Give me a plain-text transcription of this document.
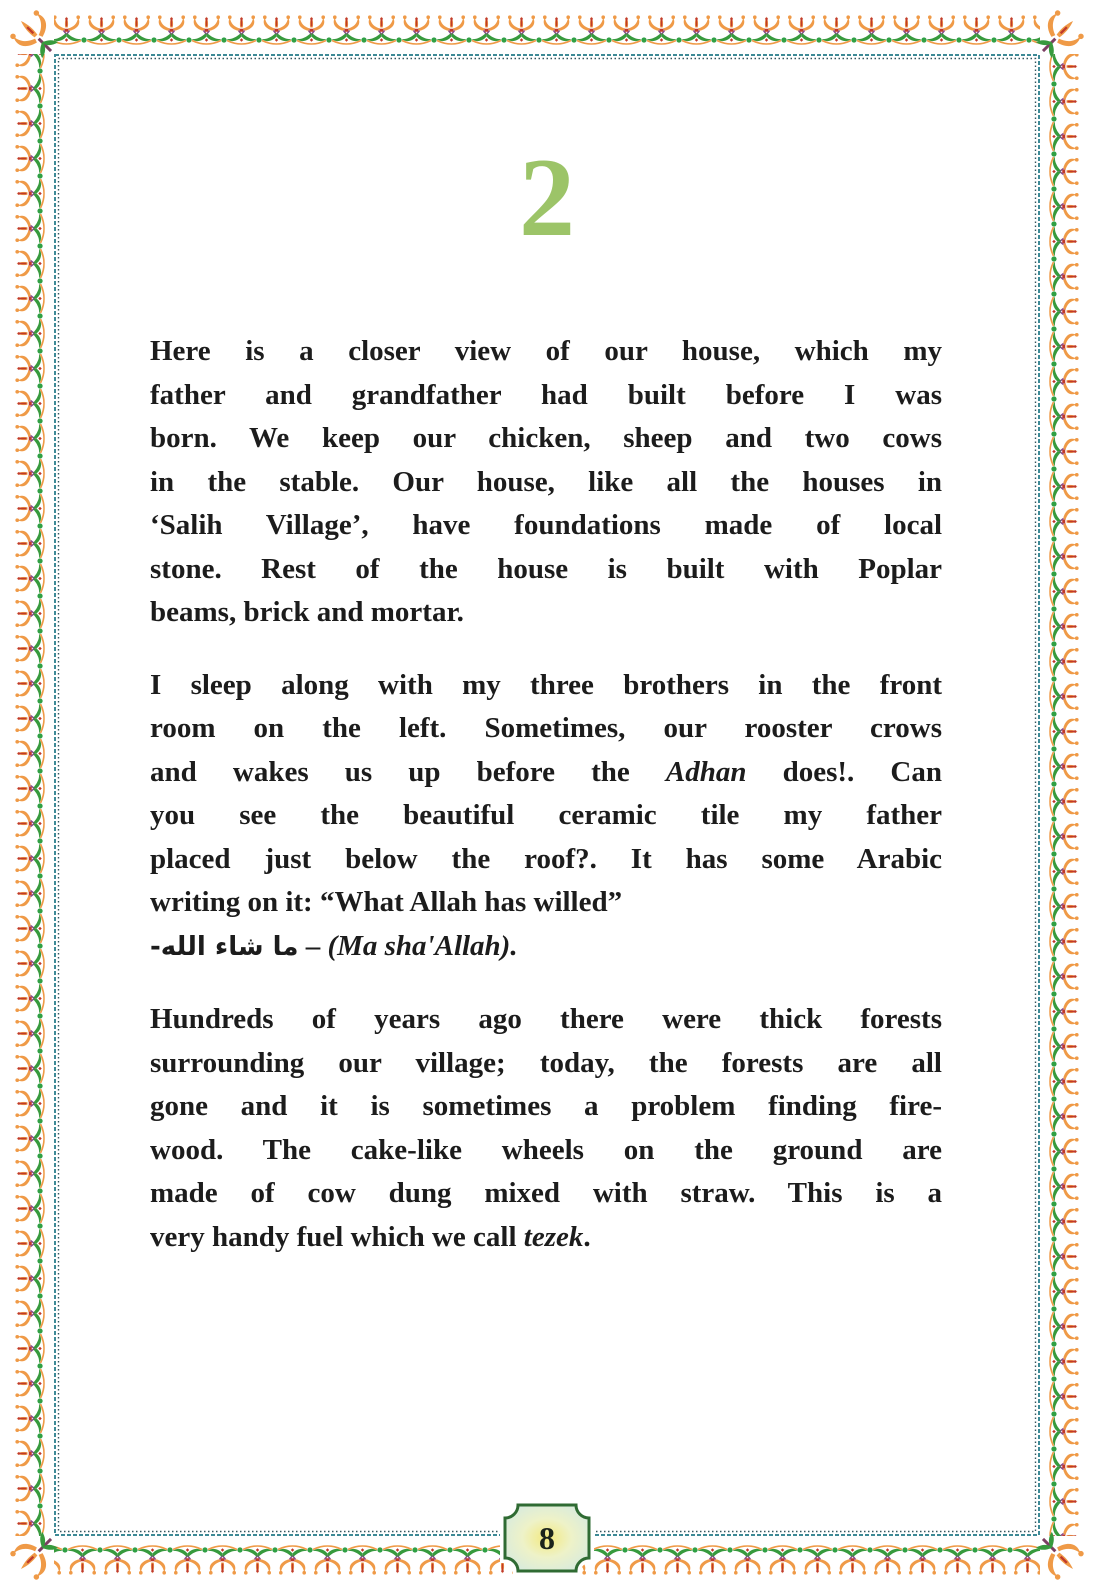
8
2
Here is a closer view of our house, which my
father and grandfather had built before I was
born. We keep our chicken, sheep and two cows
in the stable. Our house, like all the houses in
‘Salih Village’, have foundations made of local
stone. Rest of the house is built with Poplar
beams, brick and mortar.
I sleep along with my three brothers in the front
room on the left. Sometimes, our rooster crows
and wakes us up before the Adhan does!. Can
you see the beautiful ceramic tile my father
placed just below the roof?. It has some Arabic
writing on it: “What Allah has willed”
ما شاء الله- – (Ma sha'Allah).
Hundreds of years ago there were thick forests
surrounding our village; today, the forests are all
gone and it is sometimes a problem finding fire-
wood. The cake-like wheels on the ground are
made of cow dung mixed with straw. This is a
very handy fuel which we call tezek.
